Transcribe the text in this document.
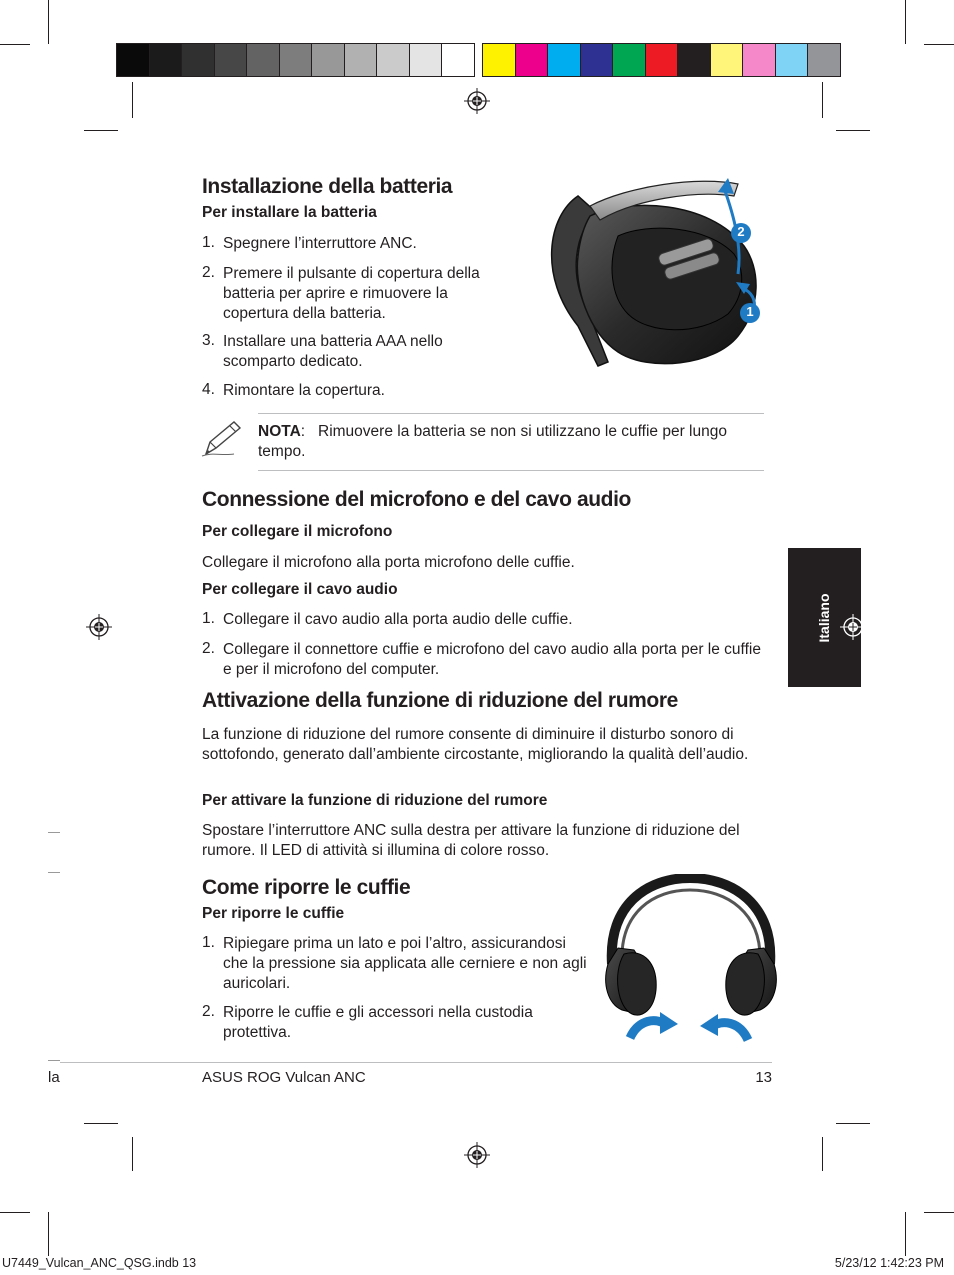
Italiano
Installazione della batteria
Per installare la batteria
1. Spegnere l’interruttore ANC.
2. Premere il pulsante di copertura della batteria per aprire e rimuovere la copertura della batteria.
3. Installare una batteria AAA nello scomparto dedicato.
4. Rimontare la copertura.
2
1
NOTA:   Rimuovere la batteria se non si utilizzano le cuffie per lungo tempo.
Connessione del microfono e del cavo audio
Per collegare il microfono
Collegare il microfono alla porta microfono delle cuffie.
Per collegare il cavo audio
1. Collegare il cavo audio alla porta audio delle cuffie.
2. Collegare il connettore cuffie e microfono del cavo audio alla porta per le cuffie e per il microfono del computer.
Attivazione della funzione di riduzione del rumore
La funzione di riduzione del rumore consente di diminuire il disturbo sonoro di sottofondo, generato dall’ambiente circostante, migliorando la qualità dell’audio.
Per attivare la funzione di riduzione del rumore
Spostare l’interruttore ANC sulla destra per attivare la funzione di riduzione del rumore. Il LED di attività si illumina di colore rosso.
Come riporre le cuffie
Per riporre le cuffie
1. Ripiegare prima un lato e poi l’altro, assicurandosi che la pressione sia applicata alle cerniere e non agli auricolari.
2. Riporre le cuffie e gli accessori nella custodia protettiva.
la	ASUS ROG Vulcan ANC	13
U7449_Vulcan_ANC_QSG.indb 13	5/23/12 1:42:23 PM
